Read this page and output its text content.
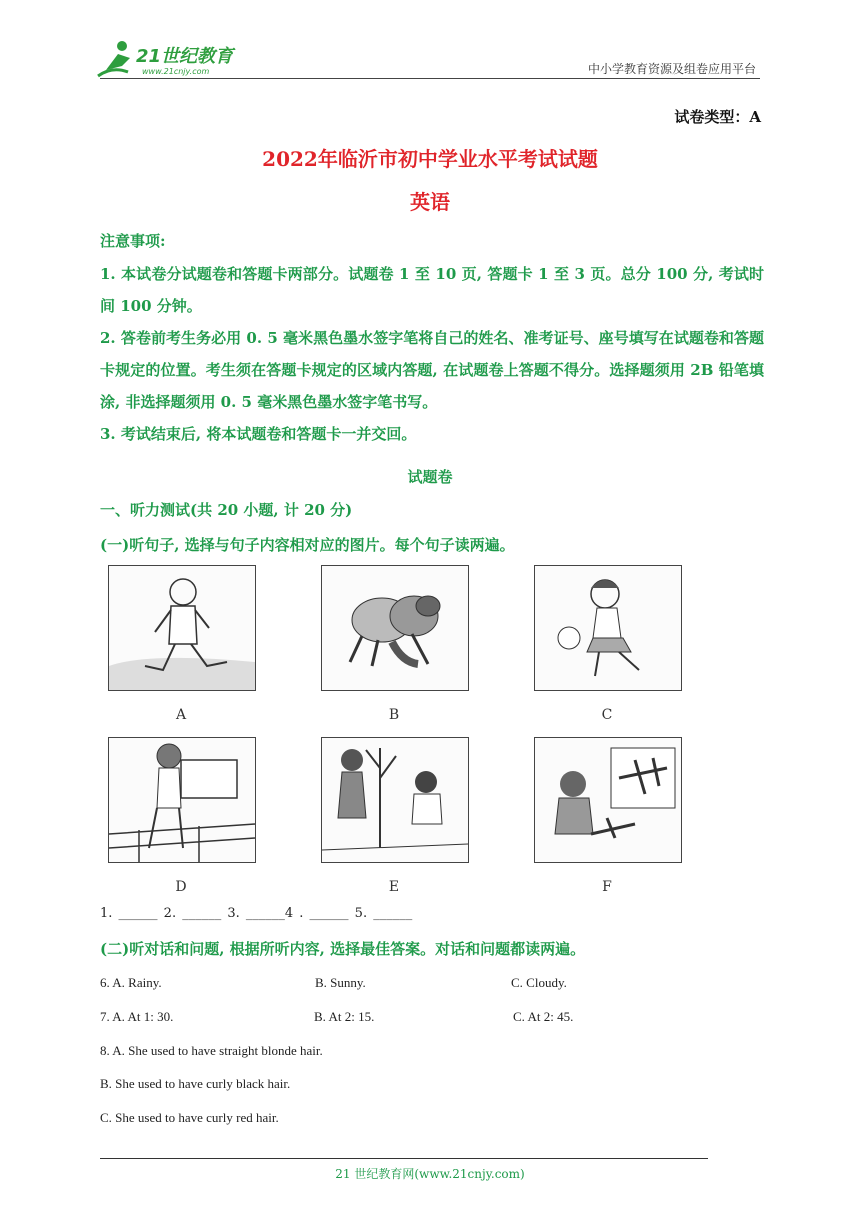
21世纪教育
www.21cnjy.com	中小学教育资源及组卷应用平台
试卷类型：A
2022年临沂市初中学业水平考试试题
英语
注意事项:
1. 本试卷分试题卷和答题卡两部分。试题卷 1 至 10 页, 答题卡 1 至 3 页。总分 100 分, 考试时间 100 分钟。
2. 答卷前考生务必用 0. 5 毫米黑色墨水签字笔将自己的姓名、准考证号、座号填写在试题卷和答题卡规定的位置。考生须在答题卡规定的区域内答题, 在试题卷上答题不得分。选择题须用 2B 铅笔填涂, 非选择题须用 0. 5 毫米黑色墨水签字笔书写。
3. 考试结束后, 将本试题卷和答题卡一并交回。
试题卷
一、听力测试(共 20 小题, 计 20 分)
(一)听句子, 选择与句子内容相对应的图片。每个句子读两遍。
A	B	C
D	E	F
1. ______ 2. ______ 3. ______4 . ______ 5. ______
(二)听对话和问题, 根据所听内容, 选择最佳答案。对话和问题都读两遍。
6. A. Rainy.	B. Sunny.	C. Cloudy.
7. A. At 1: 30.	B. At 2: 15.	C. At 2: 45.
8. A. She used to have straight blonde hair.
B. She used to have curly black hair.
C. She used to have curly red hair.
21 世纪教育网(www.21cnjy.com)
